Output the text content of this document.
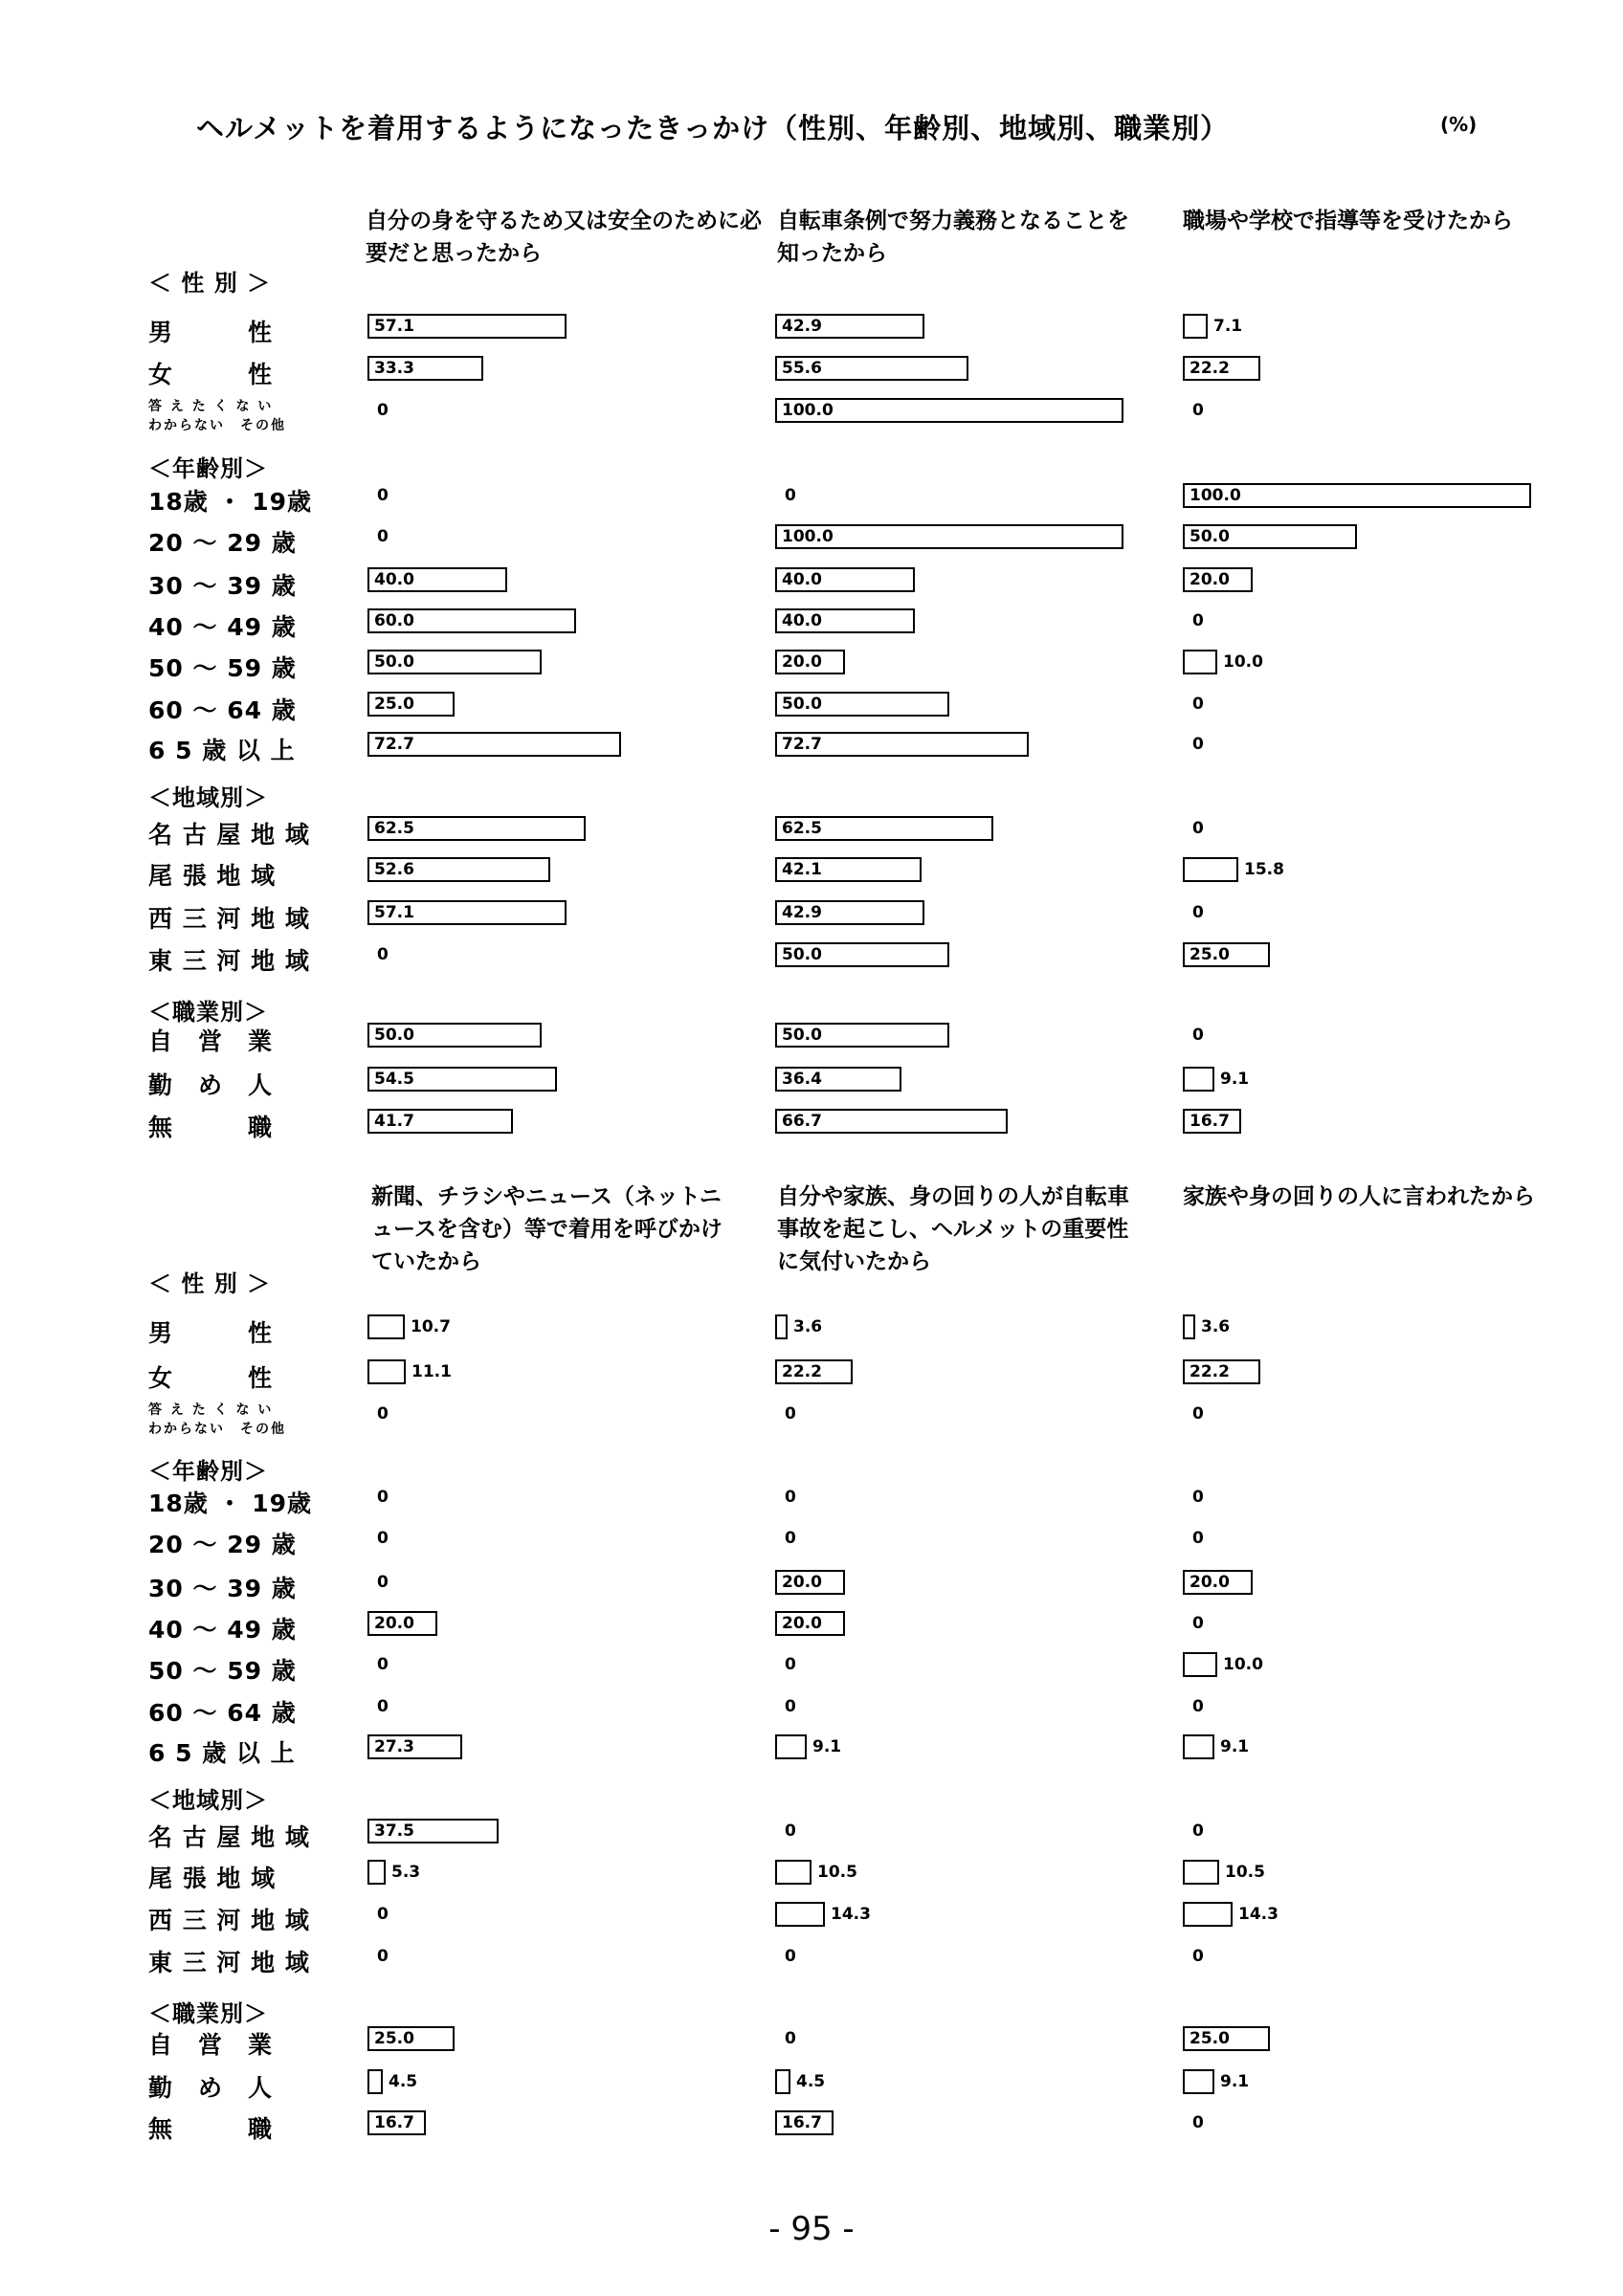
ヘルメットを着用するようになったきっかけ（性別、年齢別、地域別、職業別）	(%)
自分の身を守るため又は安全のために必要だと思ったから
自転車条例で努力義務となることを知ったから
職場や学校で指導等を受けたから
新聞、チラシやニュース（ネットニュースを含む）等で着用を呼びかけていたから
自分や家族、身の回りの人が自転車事故を起こし、ヘルメットの重要性に気付いたから
家族や身の回りの人に言われたから
＜ 性 別 ＞
男　　　性
女　　　性
答 え た く な い
わからない　その他
＜年齢別＞
18歳 ・ 19歳
20 ～ 29 歳
30 ～ 39 歳
40 ～ 49 歳
50 ～ 59 歳
60 ～ 64 歳
6 5 歳 以 上
＜地域別＞
名 古 屋 地 域
尾 張 地 域
西 三 河 地 域
東 三 河 地 域
＜職業別＞
自　営　業
勤　め　人
無　　　職
＜ 性 別 ＞
男　　　性
女　　　性
答 え た く な い
わからない　その他
＜年齢別＞
18歳 ・ 19歳
20 ～ 29 歳
30 ～ 39 歳
40 ～ 49 歳
50 ～ 59 歳
60 ～ 64 歳
6 5 歳 以 上
＜地域別＞
名 古 屋 地 域
尾 張 地 域
西 三 河 地 域
東 三 河 地 域
＜職業別＞
自　営　業
勤　め　人
無　　　職
57.1
33.3
0
0
0
40.0
60.0
50.0
25.0
72.7
62.5
52.6
57.1
0
50.0
54.5
41.7
42.9
55.6
100.0
0
100.0
40.0
40.0
20.0
50.0
72.7
62.5
42.1
42.9
50.0
50.0
36.4
66.7
7.1
22.2
0
100.0
50.0
20.0
0
10.0
0
0
0
15.8
0
25.0
0
9.1
16.7
10.7
11.1
0
0
0
0
20.0
0
0
27.3
37.5
5.3
0
0
25.0
4.5
16.7
3.6
22.2
0
0
0
20.0
20.0
0
0
9.1
0
10.5
14.3
0
0
4.5
16.7
3.6
22.2
0
0
0
20.0
0
10.0
0
9.1
0
10.5
14.3
0
25.0
9.1
0
- 95 -
